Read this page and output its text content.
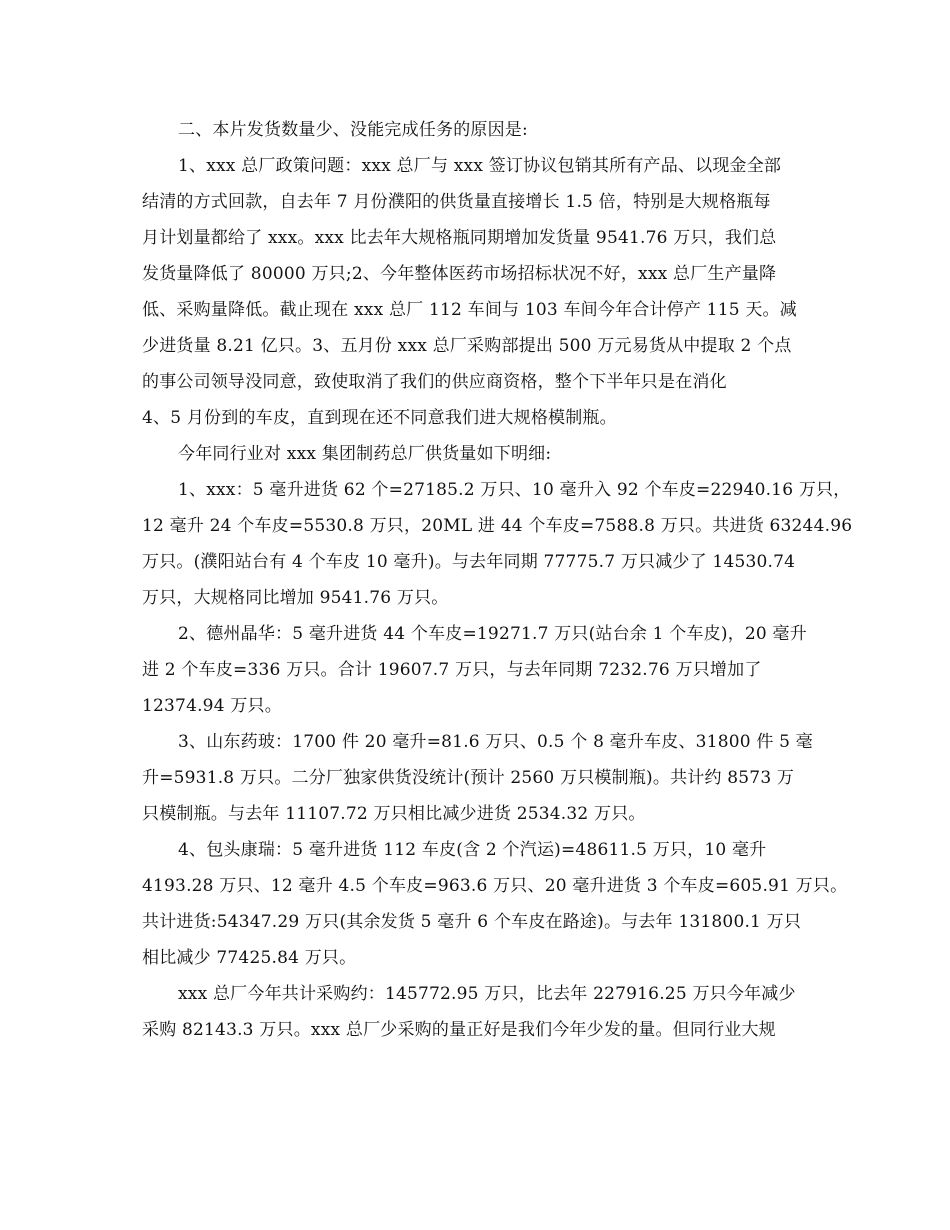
二、本片发货数量少、没能完成任务的原因是:
1、xxx 总厂政策问题：xxx 总厂与 xxx 签订协议包销其所有产品、以现金全部
结清的方式回款，自去年 7 月份濮阳的供货量直接增长 1.5 倍，特别是大规格瓶每
月计划量都给了 xxx。xxx 比去年大规格瓶同期增加发货量 9541.76 万只，我们总
发货量降低了 80000 万只;2、今年整体医药市场招标状况不好，xxx 总厂生产量降
低、采购量降低。截止现在 xxx 总厂 112 车间与 103 车间今年合计停产 115 天。减
少进货量 8.21 亿只。3、五月份 xxx 总厂采购部提出 500 万元易货从中提取 2 个点
的事公司领导没同意，致使取消了我们的供应商资格，整个下半年只是在消化
4、5 月份到的车皮，直到现在还不同意我们进大规格模制瓶。
今年同行业对 xxx 集团制药总厂供货量如下明细:
1、xxx：5 毫升进货 62 个=27185.2 万只、10 毫升入 92 个车皮=22940.16 万只，
12 毫升 24 个车皮=5530.8 万只，20ML 进 44 个车皮=7588.8 万只。共进货 63244.96
万只。(濮阳站台有 4 个车皮 10 毫升)。与去年同期 77775.7 万只减少了 14530.74
万只，大规格同比增加 9541.76 万只。
2、德州晶华：5 毫升进货 44 个车皮=19271.7 万只(站台余 1 个车皮)，20 毫升
进 2 个车皮=336 万只。合计 19607.7 万只，与去年同期 7232.76 万只增加了
12374.94 万只。
3、山东药玻：1700 件 20 毫升=81.6 万只、0.5 个 8 毫升车皮、31800 件 5 毫
升=5931.8 万只。二分厂独家供货没统计(预计 2560 万只模制瓶)。共计约 8573 万
只模制瓶。与去年 11107.72 万只相比减少进货 2534.32 万只。
4、包头康瑞：5 毫升进货 112 车皮(含 2 个汽运)=48611.5 万只，10 毫升
4193.28 万只、12 毫升 4.5 个车皮=963.6 万只、20 毫升进货 3 个车皮=605.91 万只。
共计进货:54347.29 万只(其余发货 5 毫升 6 个车皮在路途)。与去年 131800.1 万只
相比减少 77425.84 万只。
xxx 总厂今年共计采购约：145772.95 万只，比去年 227916.25 万只今年减少
采购 82143.3 万只。xxx 总厂少采购的量正好是我们今年少发的量。但同行业大规
